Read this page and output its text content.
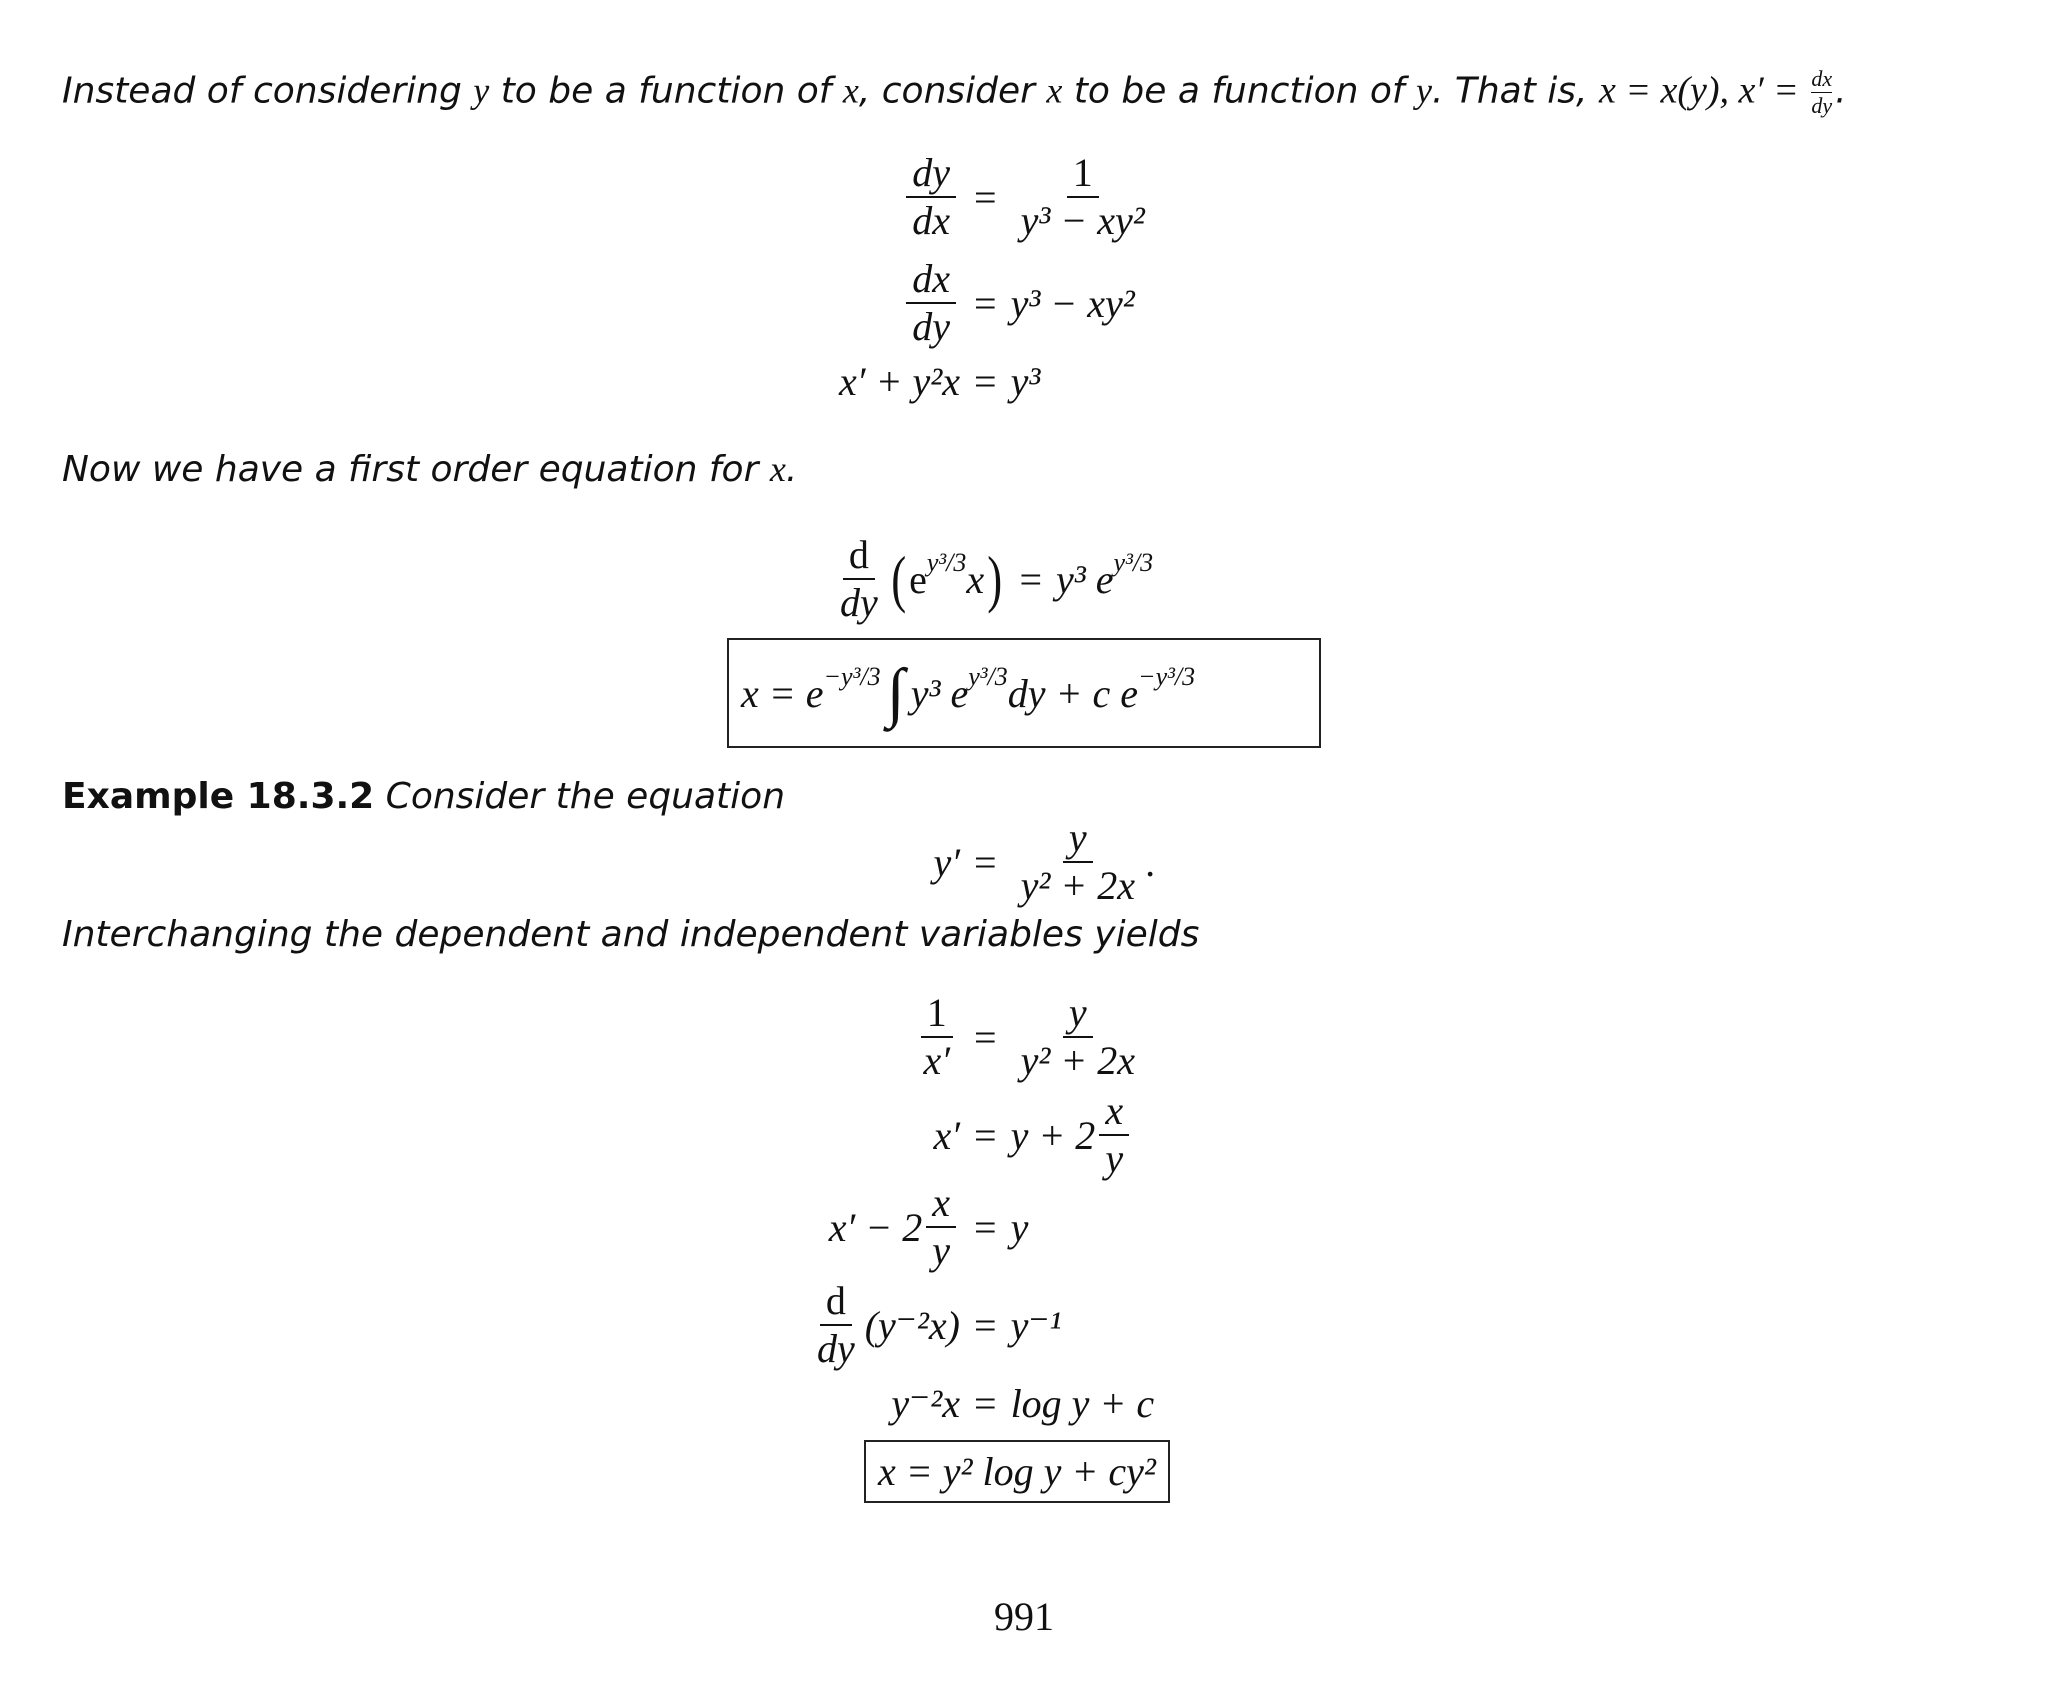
Instead of considering y to be a function of x, consider x to be a function of y. That is, x = x(y), $x' = \frac{dx}{dy}$ .
$\frac{dy}{dx} = \frac{1}{\text{y³ − xy²}}$
$\frac{dx}{dy} = y^3 - xy^2$
x′ + y²x = y³
Now we have a first order equation for x.
$\frac{d}{dy}$ ( $e^{y^3/3}$ x ) = y³ $e^{y^3/3}$
$x = e^{-y^3/3}$ ∫ y³ $e^{y^3/3}$ dy + c $e^{-y^3/3}$
Example 18.3.2 Consider the equation
$y' = \frac{y}{\text{y² + 2x}}$ .
Interchanging the dependent and independent variables yields
$\frac{1}{x'} = \frac{y}{\text{y² + 2x}}$
$x' = y + 2 \frac{x}{y}$
$x' - 2 \frac{x}{y} = y$
$\frac{d}{dy} (y^{-2}x) = y^{-1}$
y⁻²x = log y + c
x = y² log y + cy²
991
